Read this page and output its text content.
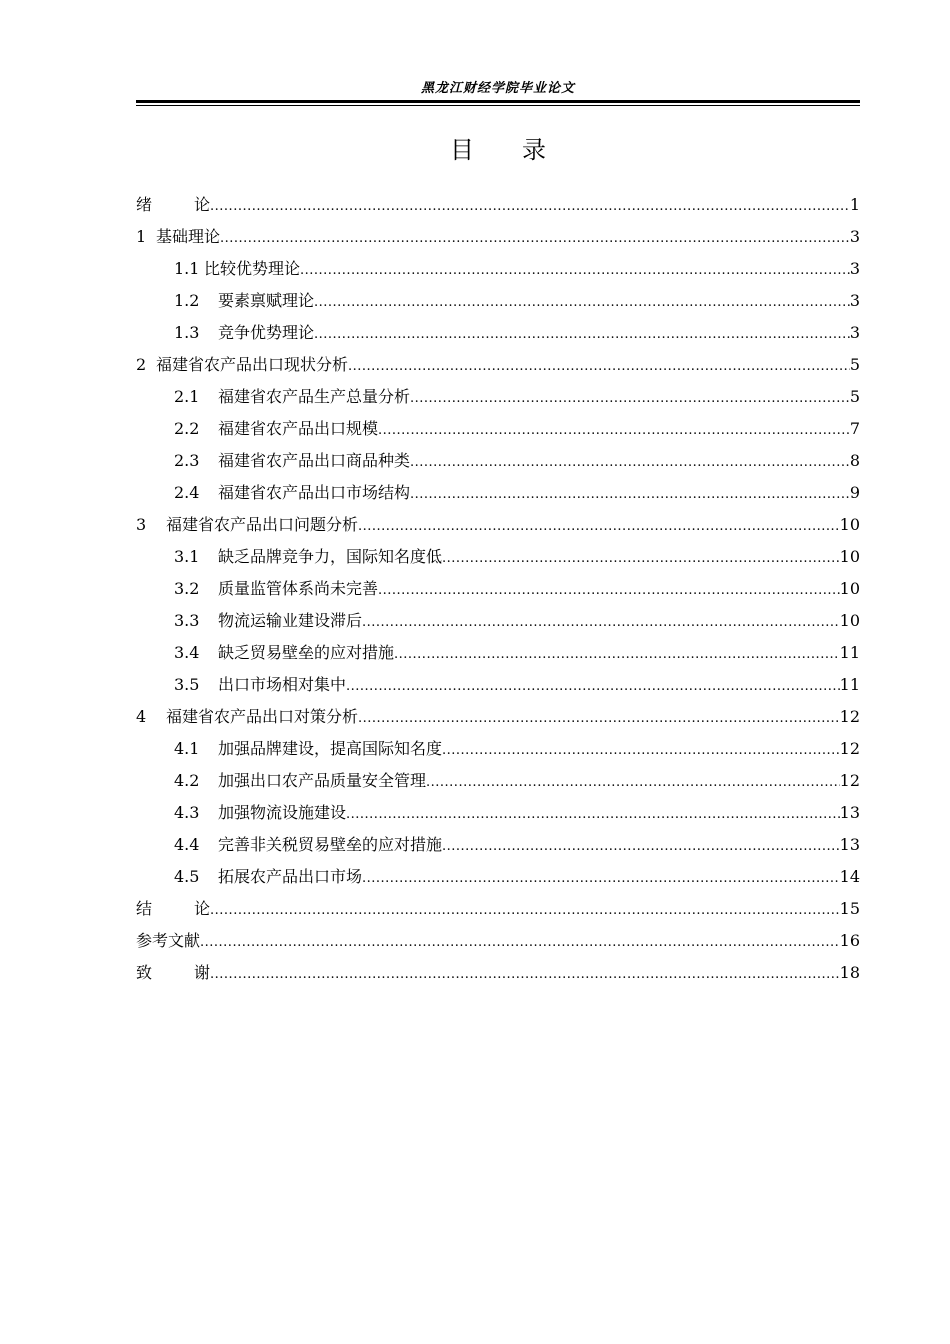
黑龙江财经学院毕业论文
目 录
绪	论 .....	1
1 基础理论 .....	3
1.1 比较优势理论 .....	3
1.2	要素禀赋理论 .....	3
1.3	竞争优势理论 .....	3
2 福建省农产品出口现状分析 .....	5
2.1	福建省农产品生产总量分析 .....	5
2.2	福建省农产品出口规模 .....	7
2.3	福建省农产品出口商品种类 .....	8
2.4	福建省农产品出口市场结构 .....	9
3	福建省农产品出口问题分析 .....	10
3.1	缺乏品牌竞争力，国际知名度低 .....	10
3.2	质量监管体系尚未完善 .....	10
3.3	物流运输业建设滞后 .....	10
3.4	缺乏贸易壁垒的应对措施 .....	11
3.5	出口市场相对集中 .....	11
4	福建省农产品出口对策分析 .....	12
4.1	加强品牌建设，提高国际知名度 .....	12
4.2	加强出口农产品质量安全管理 .....	12
4.3	加强物流设施建设 .....	13
4.4	完善非关税贸易壁垒的应对措施 .....	13
4.5	拓展农产品出口市场 .....	14
结	论 .....	15
参考文献 .....	16
致	谢 .....	18
